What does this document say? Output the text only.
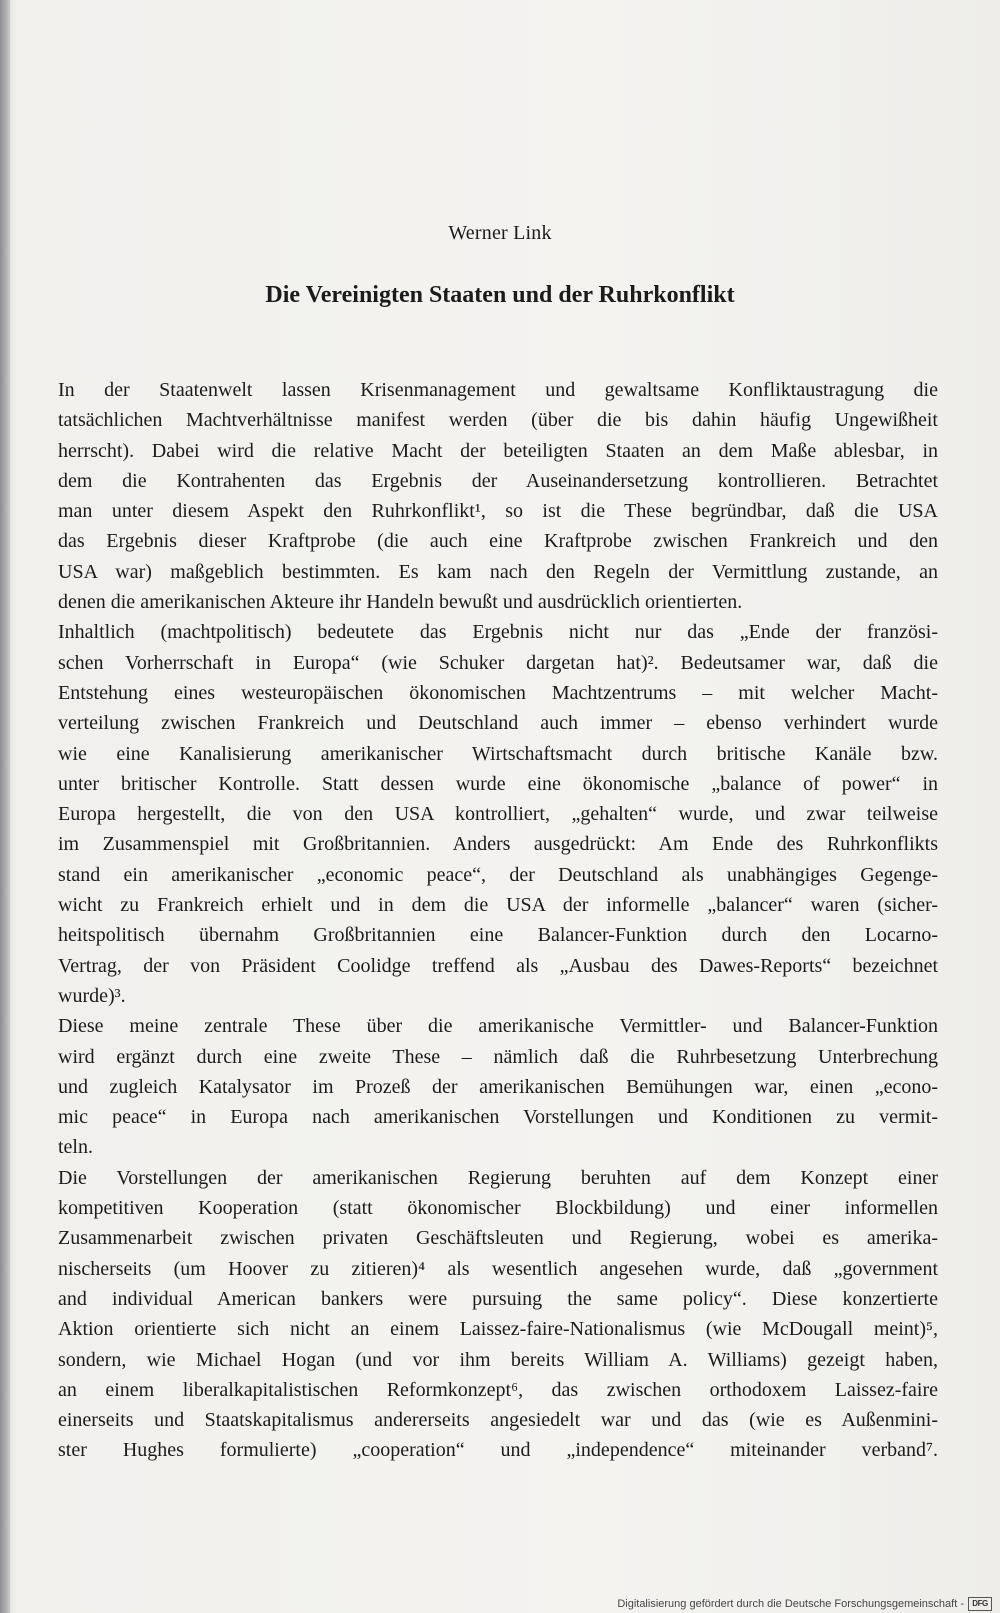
Werner Link
Die Vereinigten Staaten und der Ruhrkonflikt
In der Staatenwelt lassen Krisenmanagement und gewaltsame Konfliktaustragung die
tatsächlichen Machtverhältnisse manifest werden (über die bis dahin häufig Ungewißheit
herrscht). Dabei wird die relative Macht der beteiligten Staaten an dem Maße ablesbar, in
dem die Kontrahenten das Ergebnis der Auseinandersetzung kontrollieren. Betrachtet
man unter diesem Aspekt den Ruhrkonflikt¹, so ist die These begründbar, daß die USA
das Ergebnis dieser Kraftprobe (die auch eine Kraftprobe zwischen Frankreich und den
USA war) maßgeblich bestimmten. Es kam nach den Regeln der Vermittlung zustande, an
denen die amerikanischen Akteure ihr Handeln bewußt und ausdrücklich orientierten.
Inhaltlich (machtpolitisch) bedeutete das Ergebnis nicht nur das „Ende der französi-
schen Vorherrschaft in Europa“ (wie Schuker dargetan hat)². Bedeutsamer war, daß die
Entstehung eines westeuropäischen ökonomischen Machtzentrums – mit welcher Macht-
verteilung zwischen Frankreich und Deutschland auch immer – ebenso verhindert wurde
wie eine Kanalisierung amerikanischer Wirtschaftsmacht durch britische Kanäle bzw.
unter britischer Kontrolle. Statt dessen wurde eine ökonomische „balance of power“ in
Europa hergestellt, die von den USA kontrolliert, „gehalten“ wurde, und zwar teilweise
im Zusammenspiel mit Großbritannien. Anders ausgedrückt: Am Ende des Ruhrkonflikts
stand ein amerikanischer „economic peace“, der Deutschland als unabhängiges Gegenge-
wicht zu Frankreich erhielt und in dem die USA der informelle „balancer“ waren (sicher-
heitspolitisch übernahm Großbritannien eine Balancer-Funktion durch den Locarno-
Vertrag, der von Präsident Coolidge treffend als „Ausbau des Dawes-Reports“ bezeichnet
wurde)³.
Diese meine zentrale These über die amerikanische Vermittler- und Balancer-Funktion
wird ergänzt durch eine zweite These – nämlich daß die Ruhrbesetzung Unterbrechung
und zugleich Katalysator im Prozeß der amerikanischen Bemühungen war, einen „econo-
mic peace“ in Europa nach amerikanischen Vorstellungen und Konditionen zu vermit-
teln.
Die Vorstellungen der amerikanischen Regierung beruhten auf dem Konzept einer
kompetitiven Kooperation (statt ökonomischer Blockbildung) und einer informellen
Zusammenarbeit zwischen privaten Geschäftsleuten und Regierung, wobei es amerika-
nischerseits (um Hoover zu zitieren)⁴ als wesentlich angesehen wurde, daß „government
and individual American bankers were pursuing the same policy“. Diese konzertierte
Aktion orientierte sich nicht an einem Laissez-faire-Nationalismus (wie McDougall meint)⁵,
sondern, wie Michael Hogan (und vor ihm bereits William A. Williams) gezeigt haben,
an einem liberalkapitalistischen Reformkonzept⁶, das zwischen orthodoxem Laissez-faire
einerseits und Staatskapitalismus andererseits angesiedelt war und das (wie es Außenmini-
ster Hughes formulierte) „cooperation“ und „independence“ miteinander verband⁷.
Digitalisierung gefördert durch die Deutsche Forschungsgemeinschaft -	DFG
